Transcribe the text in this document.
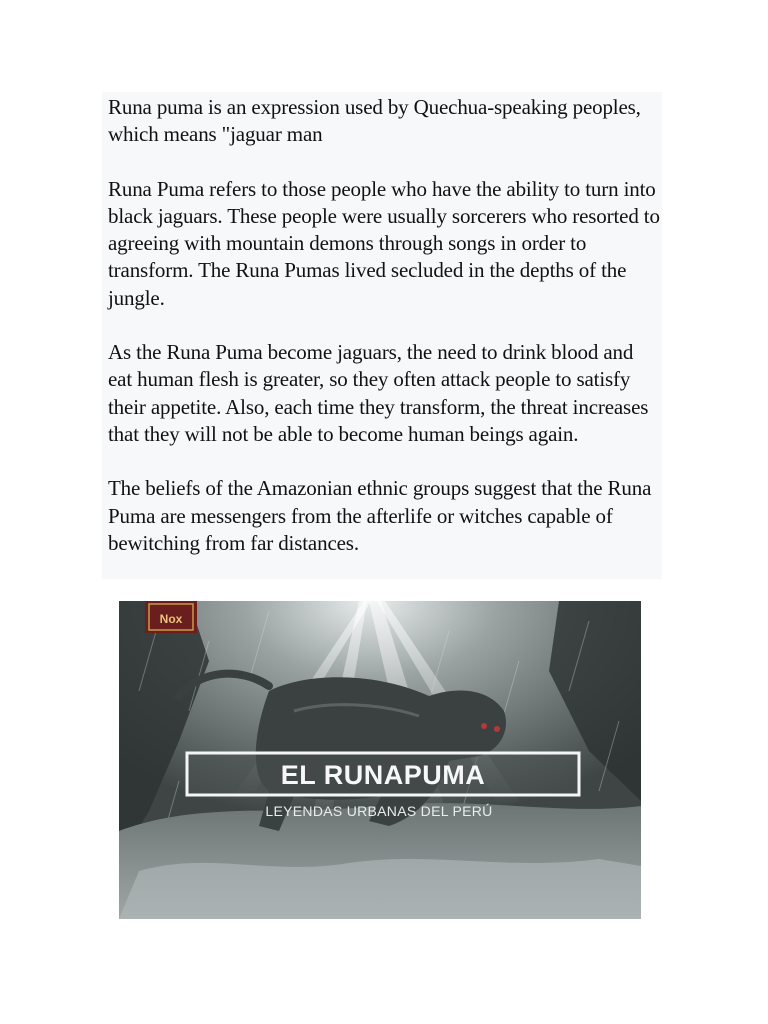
Runa puma is an expression used by Quechua-speaking peoples, which means "jaguar man

Runa Puma refers to those people who have the ability to turn into black jaguars. These people were usually sorcerers who resorted to agreeing with mountain demons through songs in order to transform. The Runa Pumas lived secluded in the depths of the jungle.

As the Runa Puma become jaguars, the need to drink blood and eat human flesh is greater, so they often attack people to satisfy their appetite. Also, each time they transform, the threat increases that they will not be able to become human beings again.

The beliefs of the Amazonian ethnic groups suggest that the Runa Puma are messengers from the afterlife or witches capable of bewitching from far distances.

Nox
EL RUNAPUMA
LEYENDAS URBANAS DEL PERÚ
